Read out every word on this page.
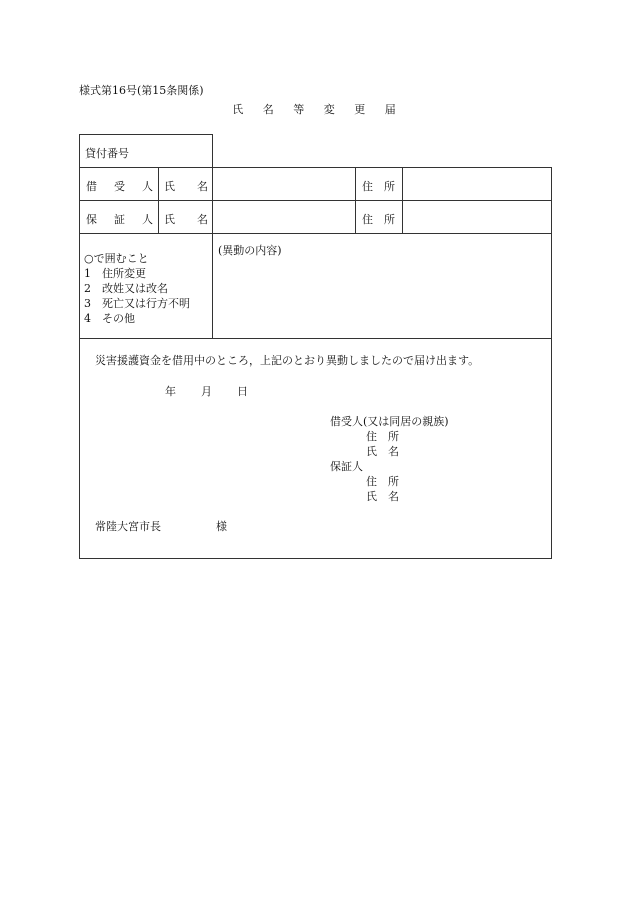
様式第16号(第15条関係)
氏 名 等 変 更 届
貸付番号
借　受　人 氏　　名	住　所
保　証　人 氏　　名	住　所
○で囲むこと
1　住所変更
2　改姓又は改名
3　死亡又は行方不明
4　その他
(異動の内容)
災害援護資金を借用中のところ，上記のとおり異動しましたので届け出ます。
年　　月　　日
借受人(又は同居の親族)
住　所
氏　名
保証人
住　所
氏　名
常陸大宮市長　　　　　様
